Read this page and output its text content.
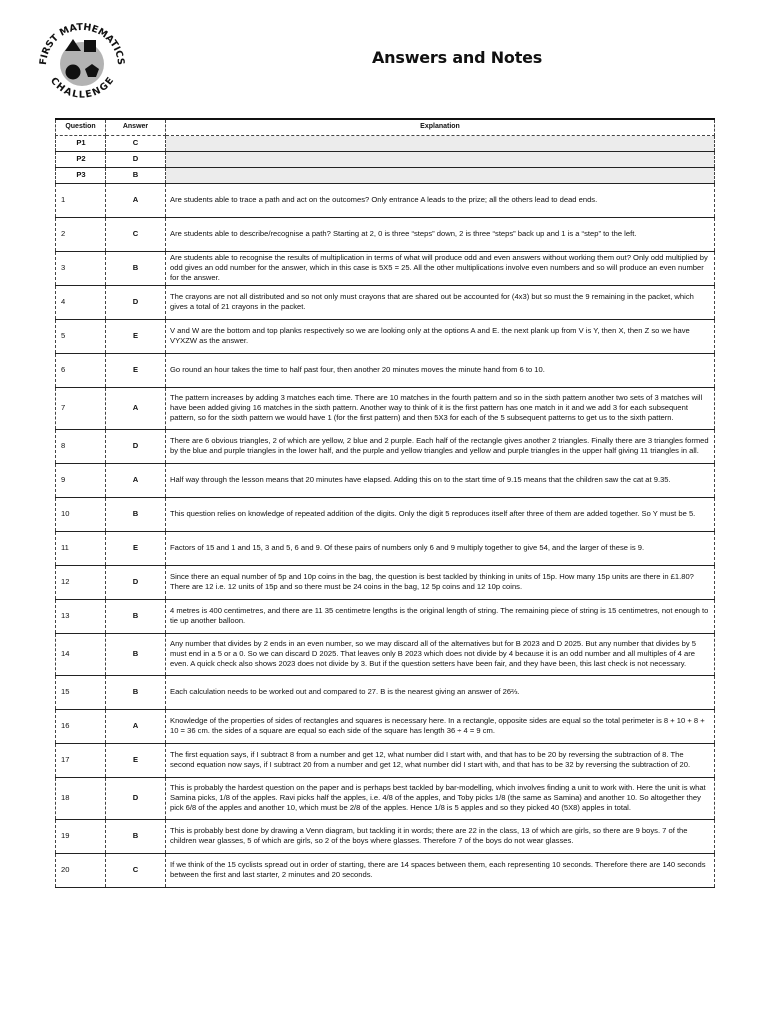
FIRST MATHEMATICS
CHALLENGE
Answers and Notes
Question	Answer	Explanation
P1	C	
P2	D	
P3	B	
1	A	Are students able to trace a path and act on the outcomes? Only entrance A leads to the prize; all the others lead to dead ends.
2	C	Are students able to describe/recognise a path? Starting at 2, 0 is three “steps” down, 2 is three “steps” back up and 1 is a “step” to the left.
3	B	Are students able to recognise the results of multiplication in terms of what will produce odd and even answers without working them out? Only odd multiplied by odd gives an odd number for the answer, which in this case is 5X5 = 25. All the other multiplications involve even numbers and so will produce an even number for the answer.
4	D	The crayons are not all distributed and so not only must crayons that are shared out be accounted for (4x3) but so must the 9 remaining in the packet, which gives a total of 21 crayons in the packet.
5	E	V and W are the bottom and top planks respectively so we are looking only at the options A and E. the next plank up from V is Y, then X, then Z so we have VYXZW as the answer.
6	E	Go round an hour takes the time to half past four, then another 20 minutes moves the minute hand from 6 to 10.
7	A	The pattern increases by adding 3 matches each time. There are 10 matches in the fourth pattern and so in the sixth pattern another two sets of 3 matches will have been added giving 16 matches in the sixth pattern. Another way to think of it is the first pattern has one match in it and we add 3 for each subsequent pattern, so for the sixth pattern we would have 1 (for the first pattern) and then 5X3 for each of the 5 subsequent patterns to get us to the sixth pattern.
8	D	There are 6 obvious triangles, 2 of which are yellow, 2 blue and 2 purple. Each half of the rectangle gives another 2 triangles. Finally there are 3 triangles formed by the blue and purple triangles in the lower half, and the purple and yellow triangles and yellow and purple triangles in the upper half giving 11 triangles in all.
9	A	Half way through the lesson means that 20 minutes have elapsed. Adding this on to the start time of 9.15 means that the children saw the cat at 9.35.
10	B	This question relies on knowledge of repeated addition of the digits. Only the digit 5 reproduces itself after three of them are added together. So Y must be 5.
11	E	Factors of 15 and 1 and 15, 3 and 5, 6 and 9. Of these pairs of numbers only 6 and 9 multiply together to give 54, and the larger of these is 9.
12	D	Since there an equal number of 5p and 10p coins in the bag, the question is best tackled by thinking in units of 15p. How many 15p units are there in £1.80? There are 12 i.e. 12 units of 15p and so there must be 24 coins in the bag, 12 5p coins and 12 10p coins.
13	B	4 metres is 400 centimetres, and there are 11 35 centimetre lengths is the original length of string. The remaining piece of string is 15 centimetres, not enough to tie up another balloon.
14	B	Any number that divides by 2 ends in an even number, so we may discard all of the alternatives but for B 2023 and D 2025. But any number that divides by 5 must end in a 5 or a 0. So we can discard D 2025. That leaves only B 2023 which does not divide by 4 because it is an odd number and all multiples of 4 are even. A quick check also shows 2023 does not divide by 3. But if the question setters have been fair, and they have been, this last check is not necessary.
15	B	Each calculation needs to be worked out and compared to 27. B is the nearest giving an answer of 26⅔.
16	A	Knowledge of the properties of sides of rectangles and squares is necessary here. In a rectangle, opposite sides are equal so the total perimeter is 8 + 10 + 8 + 10 = 36 cm. the sides of a square are equal so each side of the square has length 36 ÷ 4 = 9 cm.
17	E	The first equation says, if I subtract 8 from a number and get 12, what number did I start with, and that has to be 20 by reversing the subtraction of 8. The second equation now says, if I subtract 20 from a number and get 12, what number did I start with, and that has to be 32 by reversing the subtraction of 20.
18	D	This is probably the hardest question on the paper and is perhaps best tackled by bar-modelling, which involves finding a unit to work with. Here the unit is what Samina picks, 1/8 of the apples. Ravi picks half the apples, i.e. 4/8 of the apples, and Toby picks 1/8 (the same as Samina) and another 10. So altogether they pick 6/8 of the apples and another 10, which must be 2/8 of the apples. Hence 1/8 is 5 apples and so they picked 40 (5X8) apples in total.
19	B	This is probably best done by drawing a Venn diagram, but tackling it in words; there are 22 in the class, 13 of which are girls, so there are 9 boys. 7 of the children wear glasses, 5 of which are girls, so 2 of the boys where glasses. Therefore 7 of the boys do not wear glasses.
20	C	If we think of the 15 cyclists spread out in order of starting, there are 14 spaces between them, each representing 10 seconds. Therefore there are 140 seconds between the first and last starter, 2 minutes and 20 seconds.
